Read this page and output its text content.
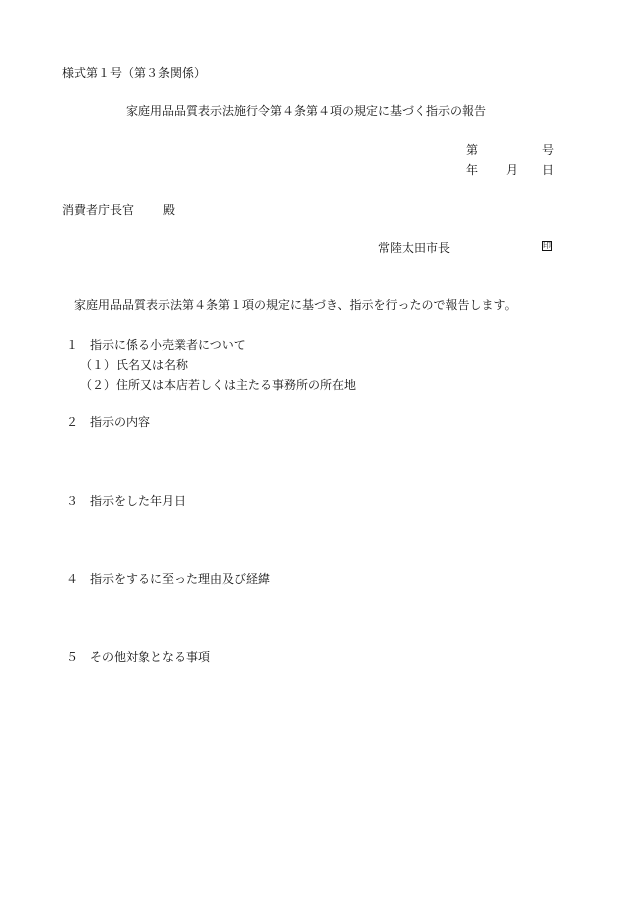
様式第１号（第３条関係）
家庭用品品質表示法施行令第４条第４項の規定に基づく指示の報告
第	号
年 月 日
消費者庁長官 殿
常陸太田市長	印
家庭用品品質表示法第４条第１項の規定に基づき、指示を行ったので報告します。
１　指示に係る小売業者について
（１）氏名又は名称
（２）住所又は本店若しくは主たる事務所の所在地
２　指示の内容
３　指示をした年月日
４　指示をするに至った理由及び経緯
５　その他対象となる事項
